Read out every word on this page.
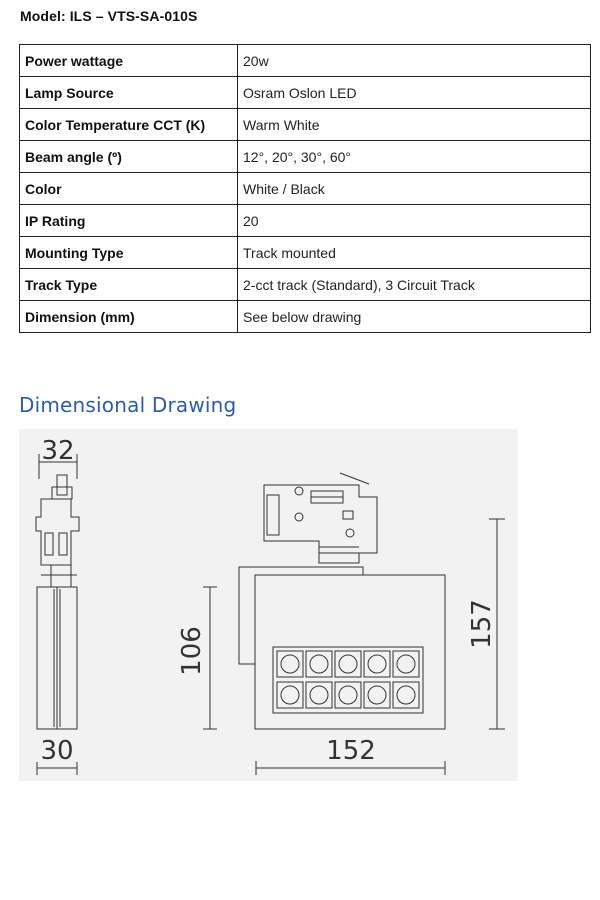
Model: ILS – VTS-SA-010S
Power wattage	20w
Lamp Source	Osram Oslon LED
Color Temperature CCT (K)	Warm White
Beam angle (º)	12°, 20°, 30°, 60°
Color	White / Black
IP Rating	20
Mounting Type	Track mounted
Track Type	2-cct track (Standard), 3 Circuit Track
Dimension (mm)	See below drawing
Dimensional Drawing
32
30	152
106
157
